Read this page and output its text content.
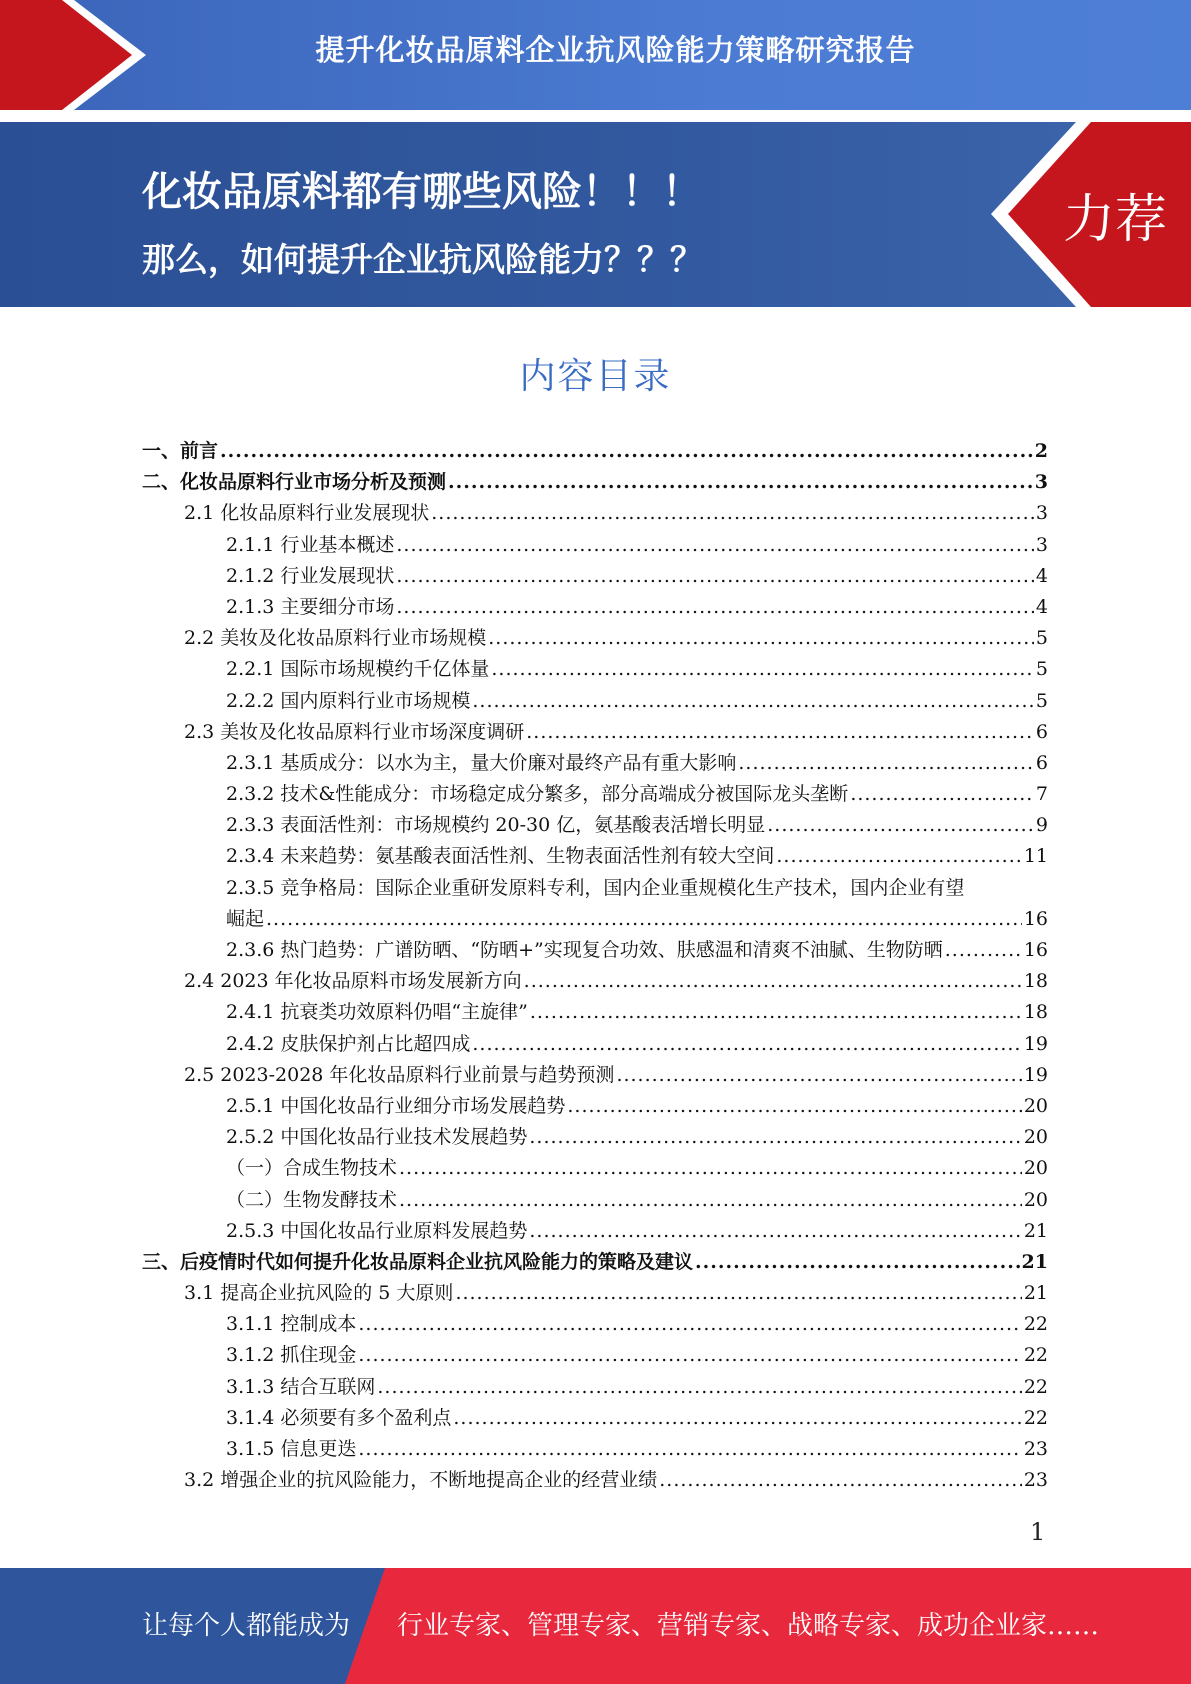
提升化妆品原料企业抗风险能力策略研究报告
化妆品原料都有哪些风险！！！
那么，如何提升企业抗风险能力？？？
力荐
内容目录
一、前言 .....	2
二、化妆品原料行业市场分析及预测 .....	3
2.1 化妆品原料行业发展现状 .....	3
2.1.1 行业基本概述 .....	3
2.1.2 行业发展现状 .....	4
2.1.3 主要细分市场 .....	4
2.2 美妆及化妆品原料行业市场规模 .....	5
2.2.1 国际市场规模约千亿体量 .....	5
2.2.2 国内原料行业市场规模 .....	5
2.3 美妆及化妆品原料行业市场深度调研 .....	6
2.3.1 基质成分：以水为主，量大价廉对最终产品有重大影响 .....	6
2.3.2 技术&性能成分：市场稳定成分繁多，部分高端成分被国际龙头垄断 .....	7
2.3.3 表面活性剂：市场规模约 20-30 亿，氨基酸表活增长明显 .....	9
2.3.4 未来趋势：氨基酸表面活性剂、生物表面活性剂有较大空间 .....	11
2.3.5 竞争格局：国际企业重研发原料专利，国内企业重规模化生产技术，国内企业有望
崛起 .....	16
2.3.6 热门趋势：广谱防晒、“防晒+”实现复合功效、肤感温和清爽不油腻、生物防晒 .....	16
2.4 2023 年化妆品原料市场发展新方向 .....	18
2.4.1 抗衰类功效原料仍唱“主旋律” .....	18
2.4.2 皮肤保护剂占比超四成 .....	19
2.5 2023-2028 年化妆品原料行业前景与趋势预测 .....	19
2.5.1 中国化妆品行业细分市场发展趋势 .....	20
2.5.2 中国化妆品行业技术发展趋势 .....	20
（一）合成生物技术 .....	20
（二）生物发酵技术 .....	20
2.5.3 中国化妆品行业原料发展趋势 .....	21
三、后疫情时代如何提升化妆品原料企业抗风险能力的策略及建议 .....	21
3.1 提高企业抗风险的 5 大原则 .....	21
3.1.1 控制成本 .....	22
3.1.2 抓住现金 .....	22
3.1.3 结合互联网 .....	22
3.1.4 必须要有多个盈利点 .....	22
3.1.5 信息更迭 .....	23
3.2 增强企业的抗风险能力，不断地提高企业的经营业绩 .....	23
1
让每个人都能成为 行业专家、管理专家、营销专家、战略专家、成功企业家……
